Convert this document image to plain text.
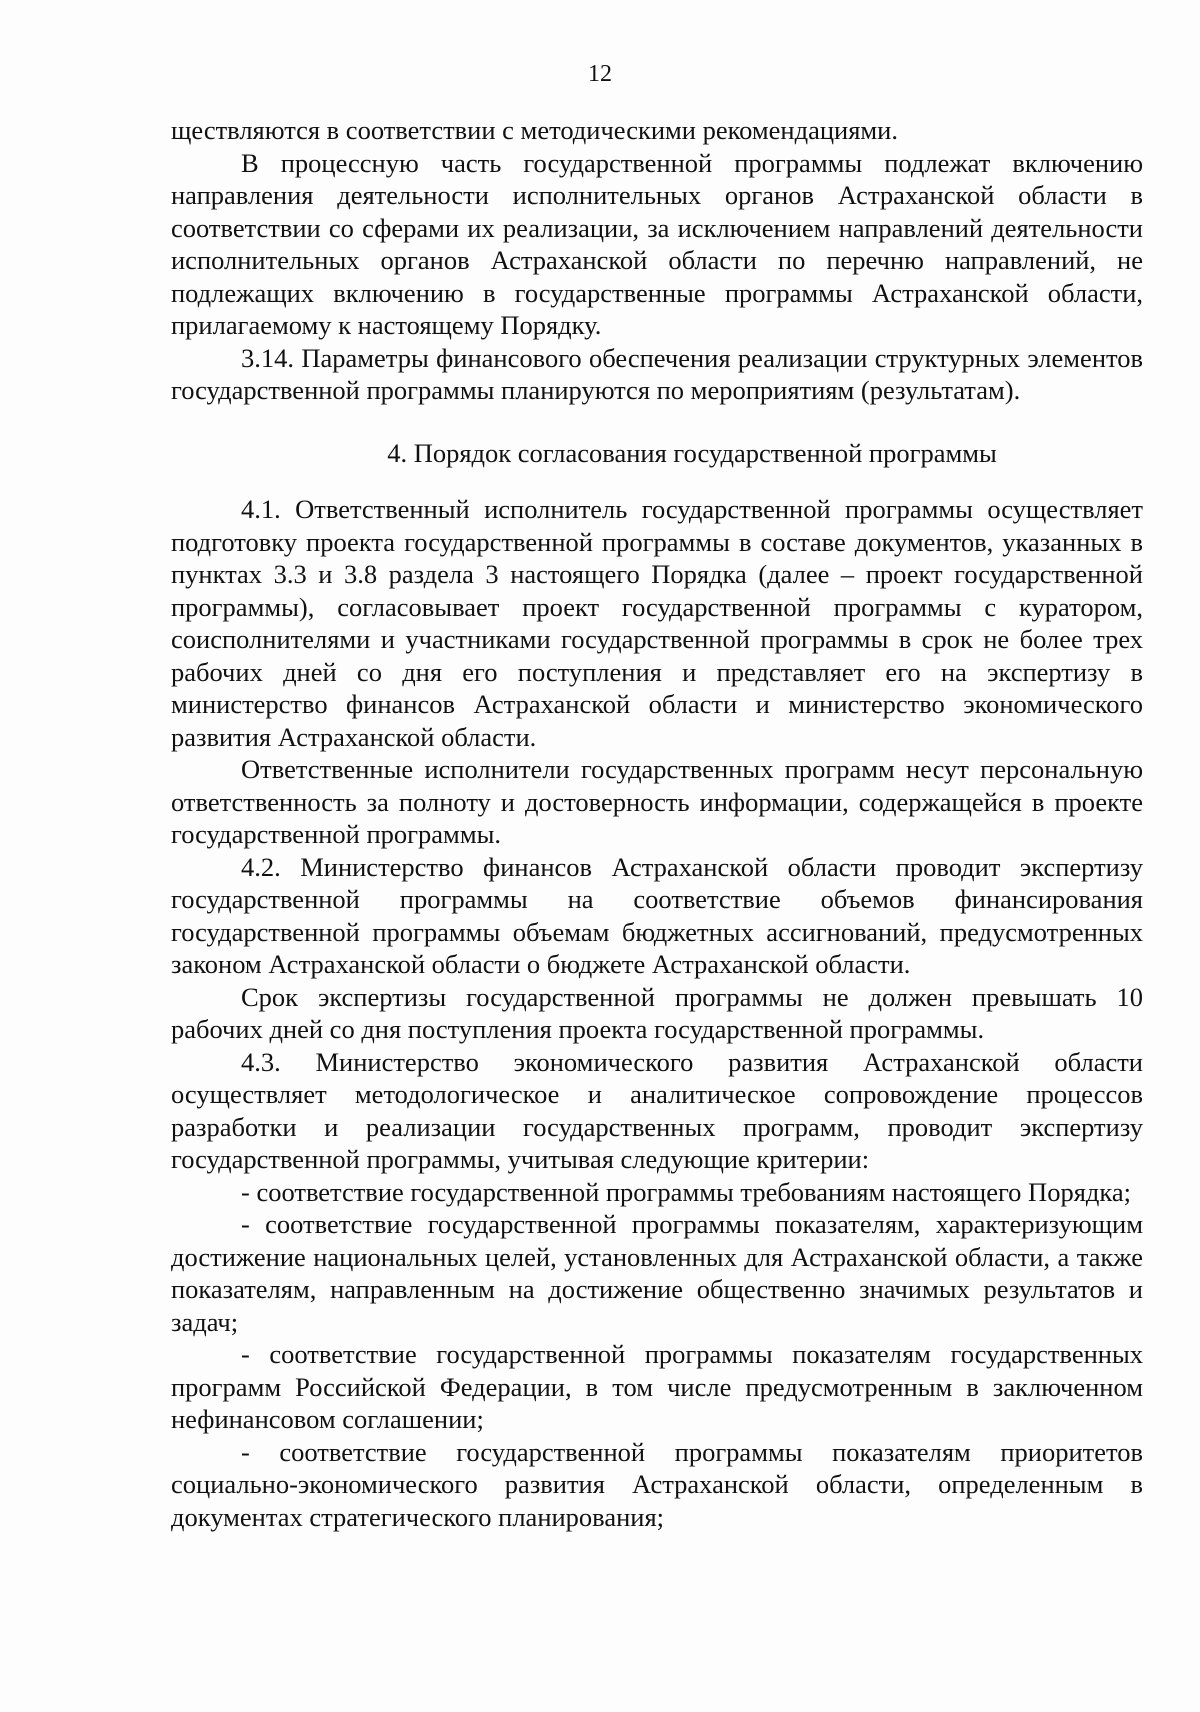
12

ществляются в соответствии с методическими рекомендациями.

В процессную часть государственной программы подлежат включению направления деятельности исполнительных органов Астраханской области в соответствии со сферами их реализации, за исключением направлений деятельности исполнительных органов Астраханской области по перечню направлений, не подлежащих включению в государственные программы Астраханской области, прилагаемому к настоящему Порядку.

3.14. Параметры финансового обеспечения реализации структурных элементов государственной программы планируются по мероприятиям (результатам).

4. Порядок согласования государственной программы

4.1. Ответственный исполнитель государственной программы осуществляет подготовку проекта государственной программы в составе документов, указанных в пунктах 3.3 и 3.8 раздела 3 настоящего Порядка (далее – проект государственной программы), согласовывает проект государственной программы с куратором, соисполнителями и участниками государственной программы в срок не более трех рабочих дней со дня его поступления и представляет его на экспертизу в министерство финансов Астраханской области и министерство экономического развития Астраханской области.

Ответственные исполнители государственных программ несут персональную ответственность за полноту и достоверность информации, содержащейся в проекте государственной программы.

4.2. Министерство финансов Астраханской области проводит экспертизу государственной программы на соответствие объемов финансирования государственной программы объемам бюджетных ассигнований, предусмотренных законом Астраханской области о бюджете Астраханской области.

Срок экспертизы государственной программы не должен превышать 10 рабочих дней со дня поступления проекта государственной программы.

4.3. Министерство экономического развития Астраханской области осуществляет методологическое и аналитическое сопровождение процессов разработки и реализации государственных программ, проводит экспертизу государственной программы, учитывая следующие критерии:

- соответствие государственной программы требованиям настоящего Порядка;

- соответствие государственной программы показателям, характеризующим достижение национальных целей, установленных для Астраханской области, а также показателям, направленным на достижение общественно значимых результатов и задач;

- соответствие государственной программы показателям государственных программ Российской Федерации, в том числе предусмотренным в заключенном нефинансовом соглашении;

- соответствие государственной программы показателям приоритетов социально-экономического развития Астраханской области, определенным в документах стратегического планирования;
